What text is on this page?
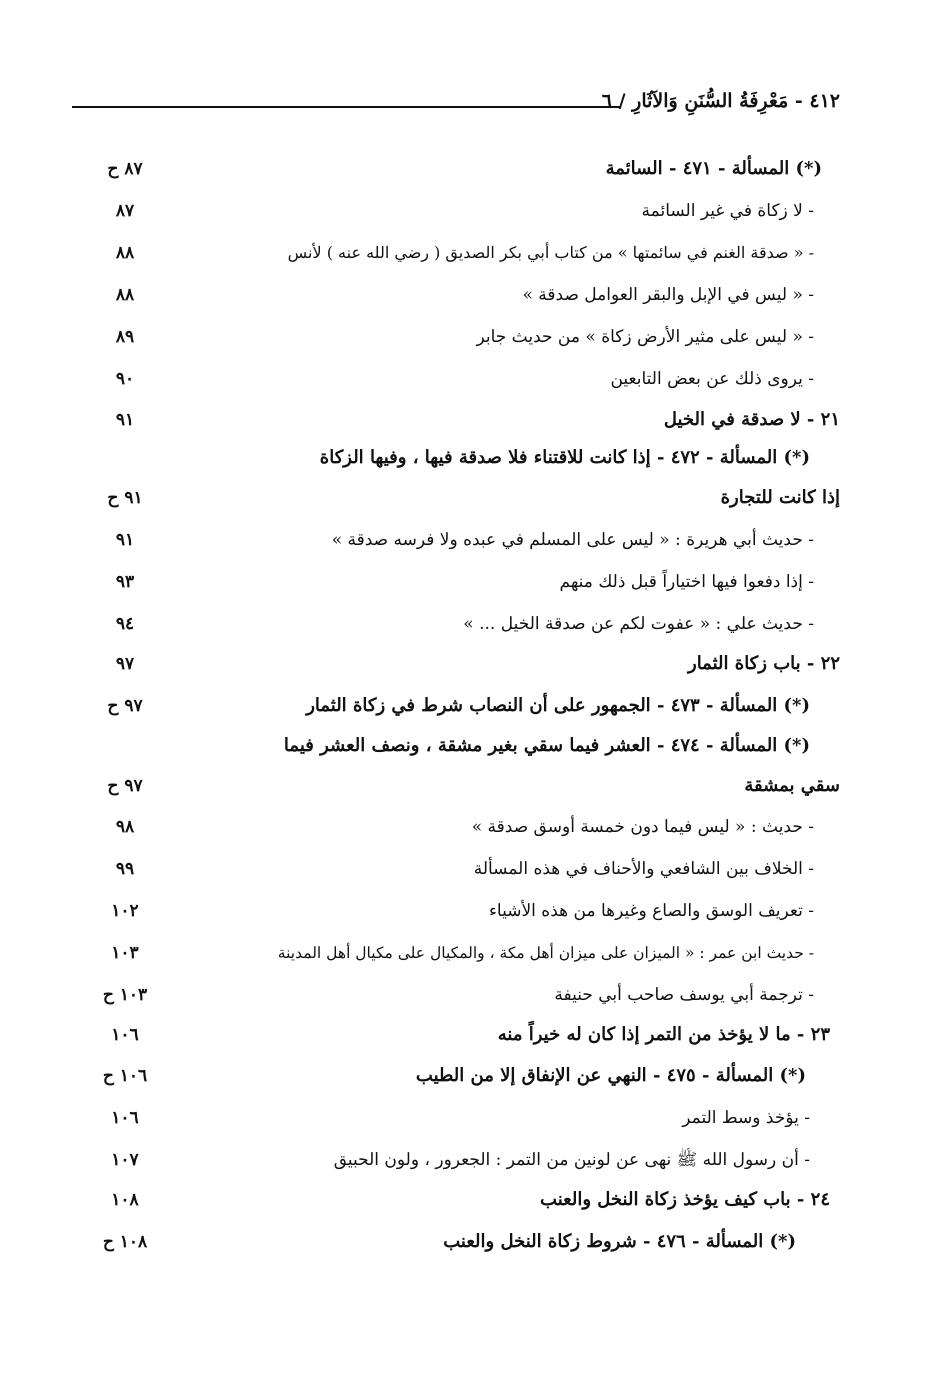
٤١٢ - مَعْرِفَةُ السُّنَنِ وَالآثَارِ / ٦
(*) المسألة - ٤٧١ - السائمة
٨٧ ح
- لا زكاة في غير السائمة
٨٧
- « صدقة الغنم في سائمتها » من كتاب أبي بكر الصديق ( رضي الله عنه ) لأنس
٨٨
- « ليس في الإبل والبقر العوامل صدقة »
٨٨
- « ليس على مثير الأرض زكاة » من حديث جابر
٨٩
- يروى ذلك عن بعض التابعين
٩٠
٢١ - لا صدقة في الخيل
٩١
(*) المسألة - ٤٧٢ - إذا كانت للاقتناء فلا صدقة فيها ، وفيها الزكاة
إذا كانت للتجارة
٩١ ح
- حديث أبي هريرة : « ليس على المسلم في عبده ولا فرسه صدقة »
٩١
- إذا دفعوا فيها اختياراً قبل ذلك منهم
٩٣
- حديث علي : « عفوت لكم عن صدقة الخيل ... »
٩٤
٢٢ - باب زكاة الثمار
٩٧
(*) المسألة - ٤٧٣ - الجمهور على أن النصاب شرط في زكاة الثمار
٩٧ ح
(*) المسألة - ٤٧٤ - العشر فيما سقي بغير مشقة ، ونصف العشر فيما
سقي بمشقة
٩٧ ح
- حديث : « ليس فيما دون خمسة أوسق صدقة »
٩٨
- الخلاف بين الشافعي والأحناف في هذه المسألة
٩٩
- تعريف الوسق والصاع وغيرها من هذه الأشياء
١٠٢
- حديث ابن عمر : « الميزان على ميزان أهل مكة ، والمكيال على مكيال أهل المدينة
١٠٣
- ترجمة أبي يوسف صاحب أبي حنيفة
١٠٣ ح
٢٣ - ما لا يؤخذ من التمر إذا كان له خيراً منه
١٠٦
(*) المسألة - ٤٧٥ - النهي عن الإنفاق إلا من الطيب
١٠٦ ح
- يؤخذ وسط التمر
١٠٦
- أن رسول الله ﷺ نهى عن لونين من التمر : الجعرور ، ولون الحبيق
١٠٧
٢٤ - باب كيف يؤخذ زكاة النخل والعنب
١٠٨
(*) المسألة - ٤٧٦ - شروط زكاة النخل والعنب
١٠٨ ح
